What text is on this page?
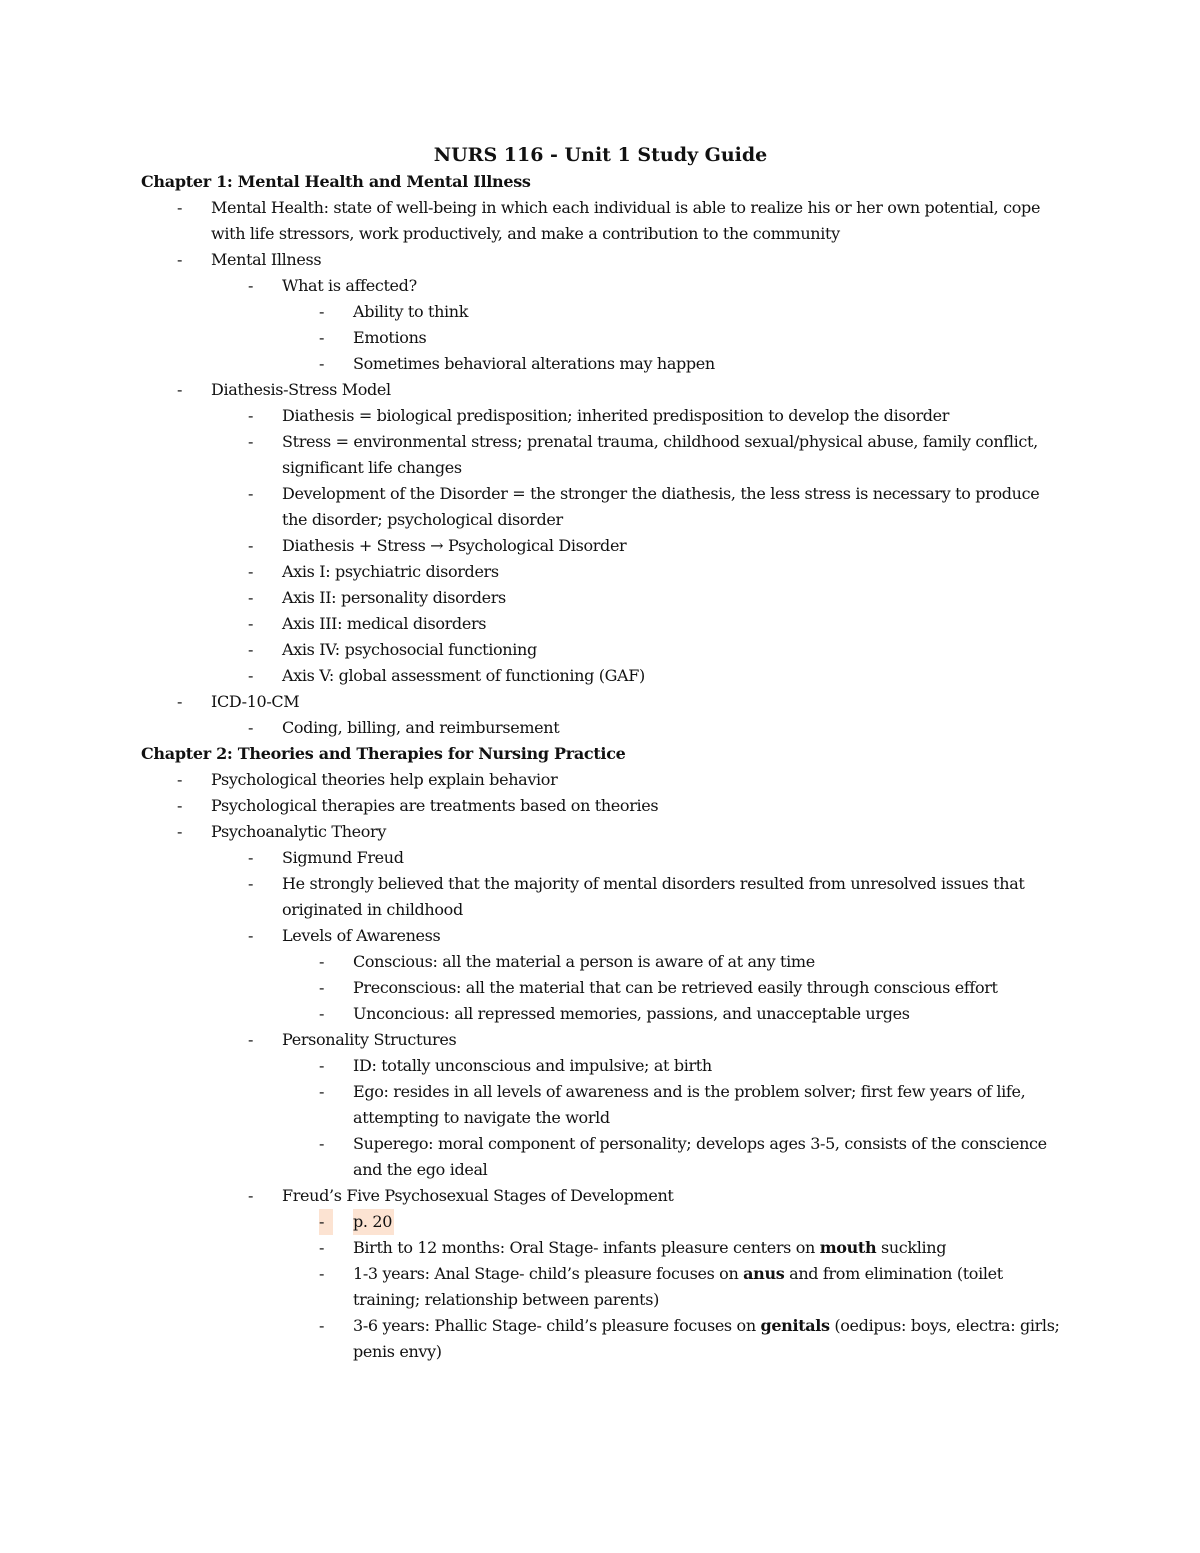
NURS 116 - Unit 1 Study Guide

Chapter 1: Mental Health and Mental Illness

-	Mental Health: state of well-being in which each individual is able to realize his or her own potential, cope with life stressors, work productively, and make a contribution to the community
-	Mental Illness
-	What is affected?
-	Ability to think
-	Emotions
-	Sometimes behavioral alterations may happen
-	Diathesis-Stress Model
-	Diathesis = biological predisposition; inherited predisposition to develop the disorder
-	Stress = environmental stress; prenatal trauma, childhood sexual/physical abuse, family conflict, significant life changes
-	Development of the Disorder = the stronger the diathesis, the less stress is necessary to produce the disorder; psychological disorder
-	Diathesis + Stress → Psychological Disorder
-	Axis I: psychiatric disorders
-	Axis II: personality disorders
-	Axis III: medical disorders
-	Axis IV: psychosocial functioning
-	Axis V: global assessment of functioning (GAF)
-	ICD-10-CM
-	Coding, billing, and reimbursement

Chapter 2: Theories and Therapies for Nursing Practice

-	Psychological theories help explain behavior
-	Psychological therapies are treatments based on theories
-	Psychoanalytic Theory
-	Sigmund Freud
-	He strongly believed that the majority of mental disorders resulted from unresolved issues that originated in childhood
-	Levels of Awareness
-	Conscious: all the material a person is aware of at any time
-	Preconscious: all the material that can be retrieved easily through conscious effort
-	Unconcious: all repressed memories, passions, and unacceptable urges
-	Personality Structures
-	ID: totally unconscious and impulsive; at birth
-	Ego: resides in all levels of awareness and is the problem solver; first few years of life, attempting to navigate the world
-	Superego: moral component of personality; develops ages 3-5, consists of the conscience and the ego ideal
-	Freud’s Five Psychosexual Stages of Development
-	p. 20
-	Birth to 12 months: Oral Stage- infants pleasure centers on mouth suckling
-	1-3 years: Anal Stage- child’s pleasure focuses on anus and from elimination (toilet training; relationship between parents)
-	3-6 years: Phallic Stage- child’s pleasure focuses on genitals (oedipus: boys, electra: girls; penis envy)
